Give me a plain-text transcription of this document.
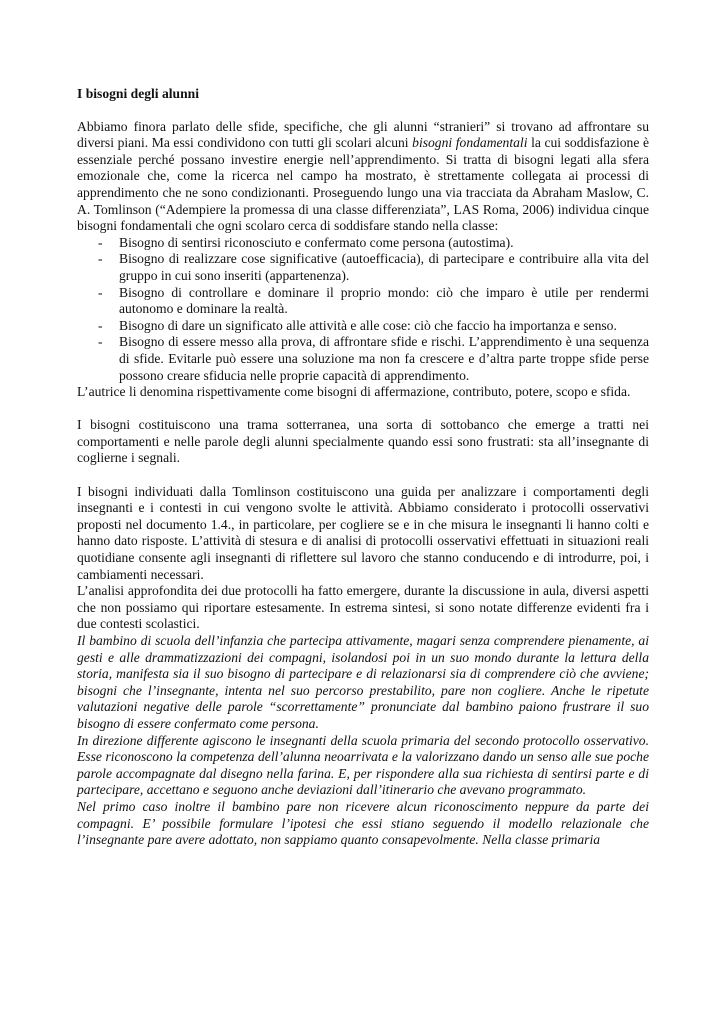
I bisogni degli alunni

Abbiamo finora parlato delle sfide, specifiche, che gli alunni “stranieri” si trovano ad affrontare su diversi piani. Ma essi condividono con tutti gli scolari alcuni bisogni fondamentali la cui soddisfazione è essenziale perché possano investire energie nell’apprendimento. Si tratta di bisogni legati alla sfera emozionale che, come la ricerca nel campo ha mostrato, è strettamente collegata ai processi di apprendimento che ne sono condizionanti. Proseguendo lungo una via tracciata da Abraham Maslow, C. A. Tomlinson (“Adempiere la promessa di una classe differenziata”, LAS Roma, 2006) individua cinque bisogni fondamentali che ogni scolaro cerca di soddisfare stando nella classe:

- Bisogno di sentirsi riconosciuto e confermato come persona (autostima).
- Bisogno di realizzare cose significative (autoefficacia), di partecipare e contribuire alla vita del gruppo in cui sono inseriti (appartenenza).
- Bisogno di controllare e dominare il proprio mondo: ciò che imparo è utile per rendermi autonomo e dominare la realtà.
- Bisogno di dare un significato alle attività e alle cose: ciò che faccio ha importanza e senso.
- Bisogno di essere messo alla prova, di affrontare sfide e rischi. L’apprendimento è una sequenza di sfide. Evitarle può essere una soluzione ma non fa crescere e d’altra parte troppe sfide perse possono creare sfiducia nelle proprie capacità di apprendimento.

L’autrice li denomina rispettivamente come bisogni di affermazione, contributo, potere, scopo e sfida.

I bisogni costituiscono una trama sotterranea, una sorta di sottobanco che emerge a tratti nei comportamenti e nelle parole degli alunni specialmente quando essi sono frustrati: sta all’insegnante di coglierne i segnali.

I bisogni individuati dalla Tomlinson costituiscono una guida per analizzare i comportamenti degli insegnanti e i contesti in cui vengono svolte le attività. Abbiamo considerato i protocolli osservativi proposti nel documento 1.4., in particolare, per cogliere se e in che misura le insegnanti li hanno colti e hanno dato risposte. L’attività di stesura e di analisi di protocolli osservativi effettuati in situazioni reali quotidiane consente agli insegnanti di riflettere sul lavoro che stanno conducendo e di introdurre, poi, i cambiamenti necessari.

L’analisi approfondita dei due protocolli ha fatto emergere, durante la discussione in aula, diversi aspetti che non possiamo qui riportare estesamente. In estrema sintesi, si sono notate differenze evidenti fra i due contesti scolastici.

Il bambino di scuola dell’infanzia che partecipa attivamente, magari senza comprendere pienamente, ai gesti e alle drammatizzazioni dei compagni, isolandosi poi in un suo mondo durante la lettura della storia, manifesta sia il suo bisogno di partecipare e di relazionarsi sia di comprendere ciò che avviene; bisogni che l’insegnante, intenta nel suo percorso prestabilito, pare non cogliere. Anche le ripetute valutazioni negative delle parole “scorrettamente” pronunciate dal bambino paiono frustrare il suo bisogno di essere confermato come persona.

In direzione differente agiscono le insegnanti della scuola primaria del secondo protocollo osservativo. Esse riconoscono la competenza dell’alunna neoarrivata e la valorizzano dando un senso alle sue poche parole accompagnate dal disegno nella farina. E, per rispondere alla sua richiesta di sentirsi parte e di partecipare, accettano e seguono anche deviazioni dall’itinerario che avevano programmato.

Nel primo caso inoltre il bambino pare non ricevere alcun riconoscimento neppure da parte dei compagni. E’ possibile formulare l’ipotesi che essi stiano seguendo il modello relazionale che l’insegnante pare avere adottato, non sappiamo quanto consapevolmente. Nella classe primaria
